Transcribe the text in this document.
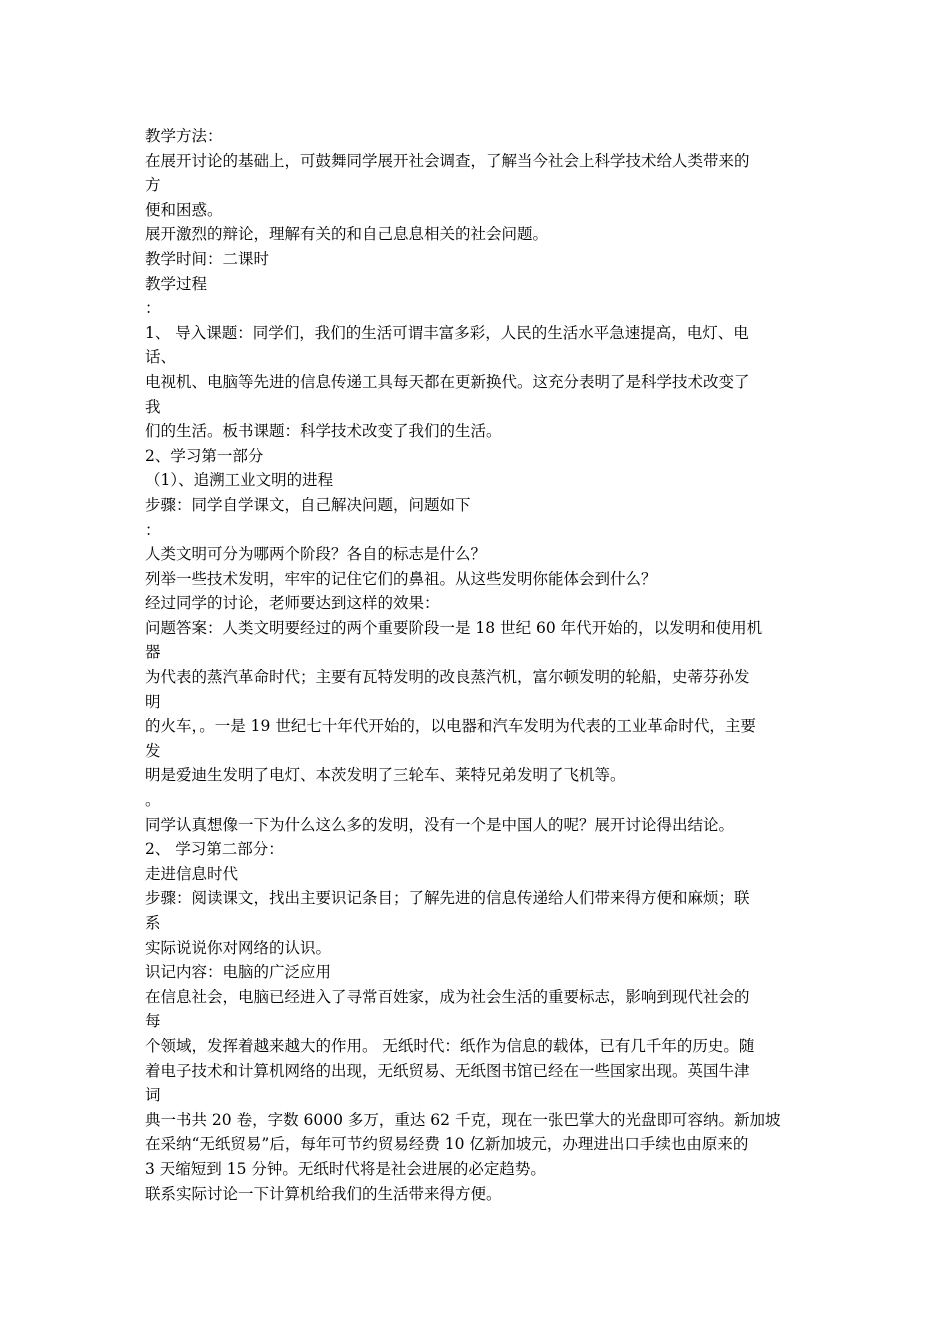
教学方法：
在展开讨论的基础上，可鼓舞同学展开社会调查，了解当今社会上科学技术给人类带来的
方
便和困惑。
展开激烈的辩论，理解有关的和自己息息相关的社会问题。
教学时间：二课时
教学过程
：
1、 导入课题：同学们，我们的生活可谓丰富多彩，人民的生活水平急速提高，电灯、电
话、
电视机、电脑等先进的信息传递工具每天都在更新换代。这充分表明了是科学技术改变了
我
们的生活。板书课题：科学技术改变了我们的生活。
2、学习第一部分
（1）、追溯工业文明的进程
步骤：同学自学课文，自己解决问题，问题如下
：
人类文明可分为哪两个阶段？各自的标志是什么？
列举一些技术发明，牢牢的记住它们的鼻祖。从这些发明你能体会到什么？
经过同学的讨论，老师要达到这样的效果：
问题答案：人类文明要经过的两个重要阶段一是 18 世纪 60 年代开始的，以发明和使用机
器
为代表的蒸汽革命时代；主要有瓦特发明的改良蒸汽机，富尔顿发明的轮船，史蒂芬孙发
明
的火车，。一是 19 世纪七十年代开始的，以电器和汽车发明为代表的工业革命时代，主要
发
明是爱迪生发明了电灯、本茨发明了三轮车、莱特兄弟发明了飞机等。
。
同学认真想像一下为什么这么多的发明，没有一个是中国人的呢？展开讨论得出结论。
2、 学习第二部分：
走进信息时代
步骤：阅读课文，找出主要识记条目；了解先进的信息传递给人们带来得方便和麻烦；联
系
实际说说你对网络的认识。
识记内容：电脑的广泛应用
在信息社会，电脑已经进入了寻常百姓家，成为社会生活的重要标志，影响到现代社会的
每
个领域，发挥着越来越大的作用。 无纸时代：纸作为信息的载体，已有几千年的历史。随
着电子技术和计算机网络的出现，无纸贸易、无纸图书馆已经在一些国家出现。英国牛津
词
典一书共 20 卷，字数 6000 多万，重达 62 千克，现在一张巴掌大的光盘即可容纳。新加坡
在采纳“无纸贸易”后，每年可节约贸易经费 10 亿新加坡元，办理进出口手续也由原来的
3 天缩短到 15 分钟。无纸时代将是社会进展的必定趋势。
联系实际讨论一下计算机给我们的生活带来得方便。
